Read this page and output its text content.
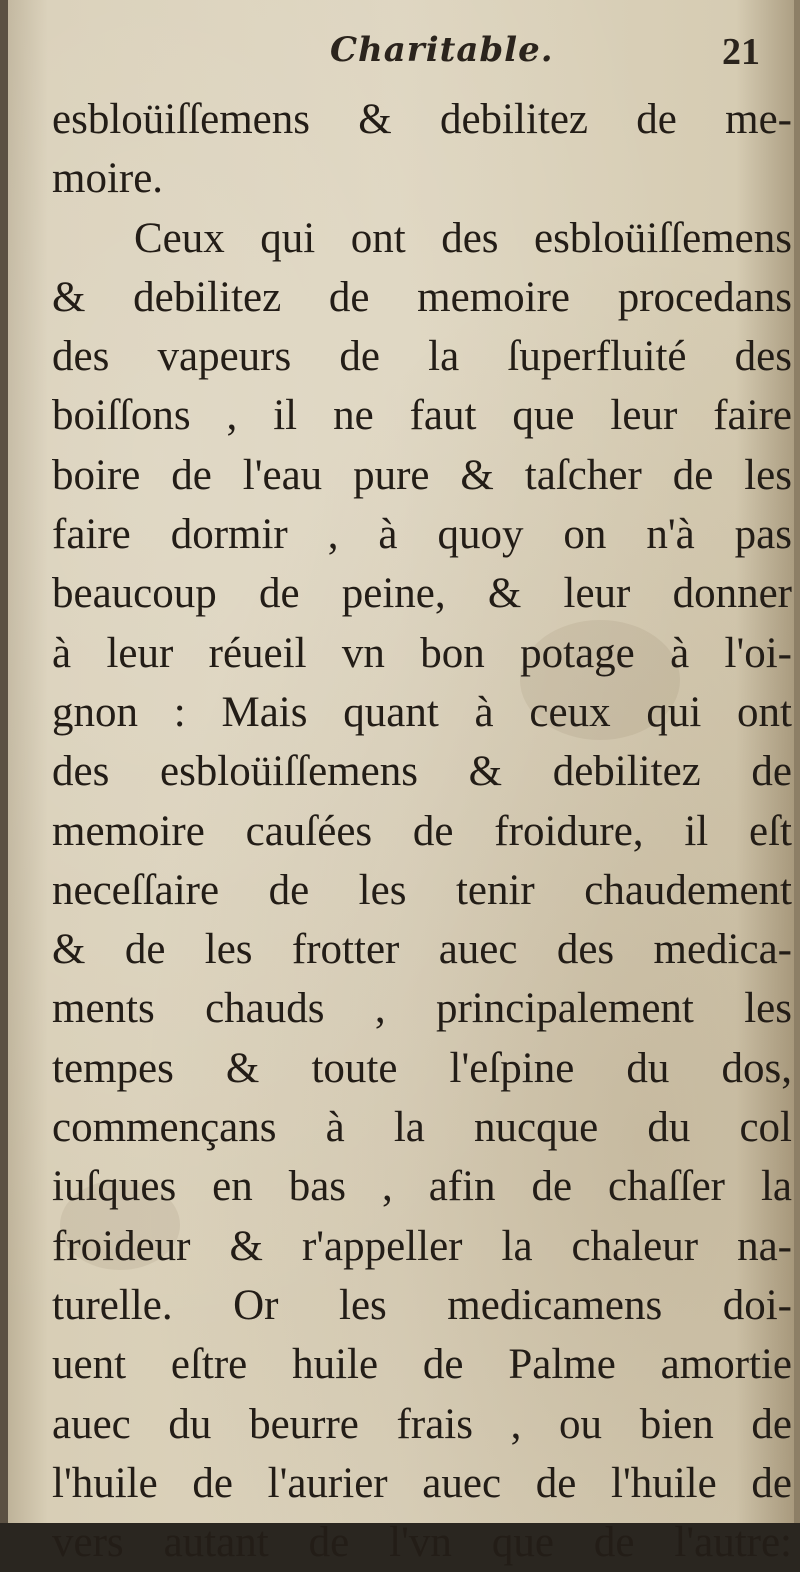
Charitable.	21
esbloüiſſemens & debilitez de me-
moire.
Ceux qui ont des esbloüiſſemens
& debilitez de memoire procedans
des vapeurs de la ſuperfluité des
boiſſons , il ne faut que leur faire
boire de l'eau pure & taſcher de les
faire dormir , à quoy on n'à pas
beaucoup de peine, & leur donner
à leur réueil vn bon potage à l'oi-
gnon : Mais quant à ceux qui ont
des esbloüiſſemens & debilitez de
memoire cauſées de froidure, il eſt
neceſſaire de les tenir chaudement
& de les frotter auec des medica-
ments chauds , principalement les
tempes & toute l'eſpine du dos,
commençans à la nucque du col
iuſques en bas , afin de chaſſer la
froideur & r'appeller la chaleur na-
turelle. Or les medicamens doi-
uent eſtre huile de Palme amortie
auec du beurre frais , ou bien de
l'huile de l'aurier auec de l'huile de
vers autant de l'vn que de l'autre:
